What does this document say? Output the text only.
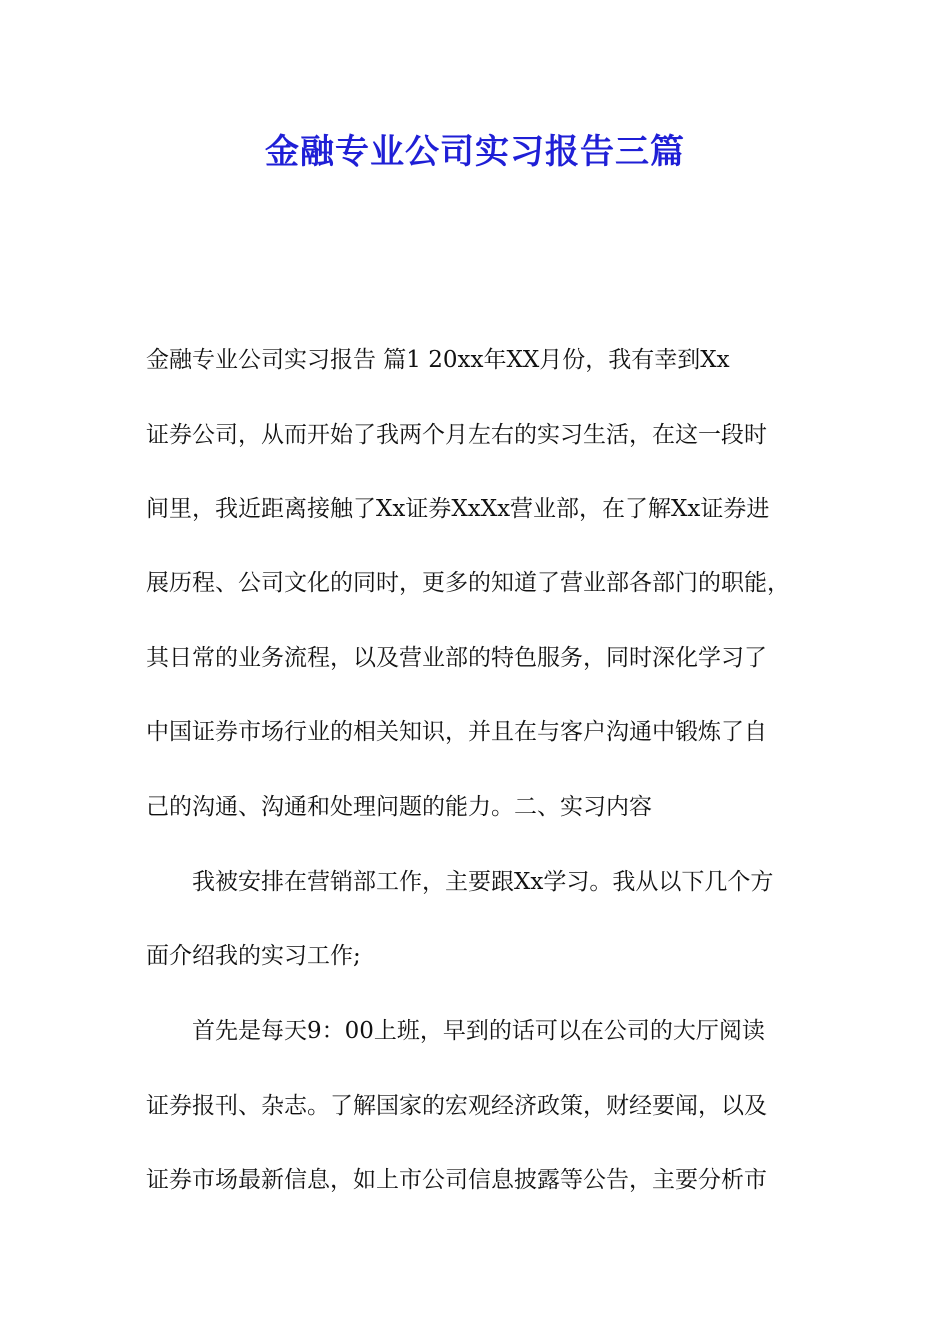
金融专业公司实习报告三篇
金融专业公司实习报告 篇1 20xx年XX月份，我有幸到Xx
证券公司，从而开始了我两个月左右的实习生活，在这一段时
间里，我近距离接触了Xx证券XxXx营业部，在了解Xx证券进
展历程、公司文化的同时，更多的知道了营业部各部门的职能，
其日常的业务流程，以及营业部的特色服务，同时深化学习了
中国证券市场行业的相关知识，并且在与客户沟通中锻炼了自
己的沟通、沟通和处理问题的能力。二、实习内容
我被安排在营销部工作，主要跟Xx学习。我从以下几个方
面介绍我的实习工作;
首先是每天9：00上班，早到的话可以在公司的大厅阅读
证券报刊、杂志。了解国家的宏观经济政策，财经要闻，以及
证券市场最新信息，如上市公司信息披露等公告，主要分析市
